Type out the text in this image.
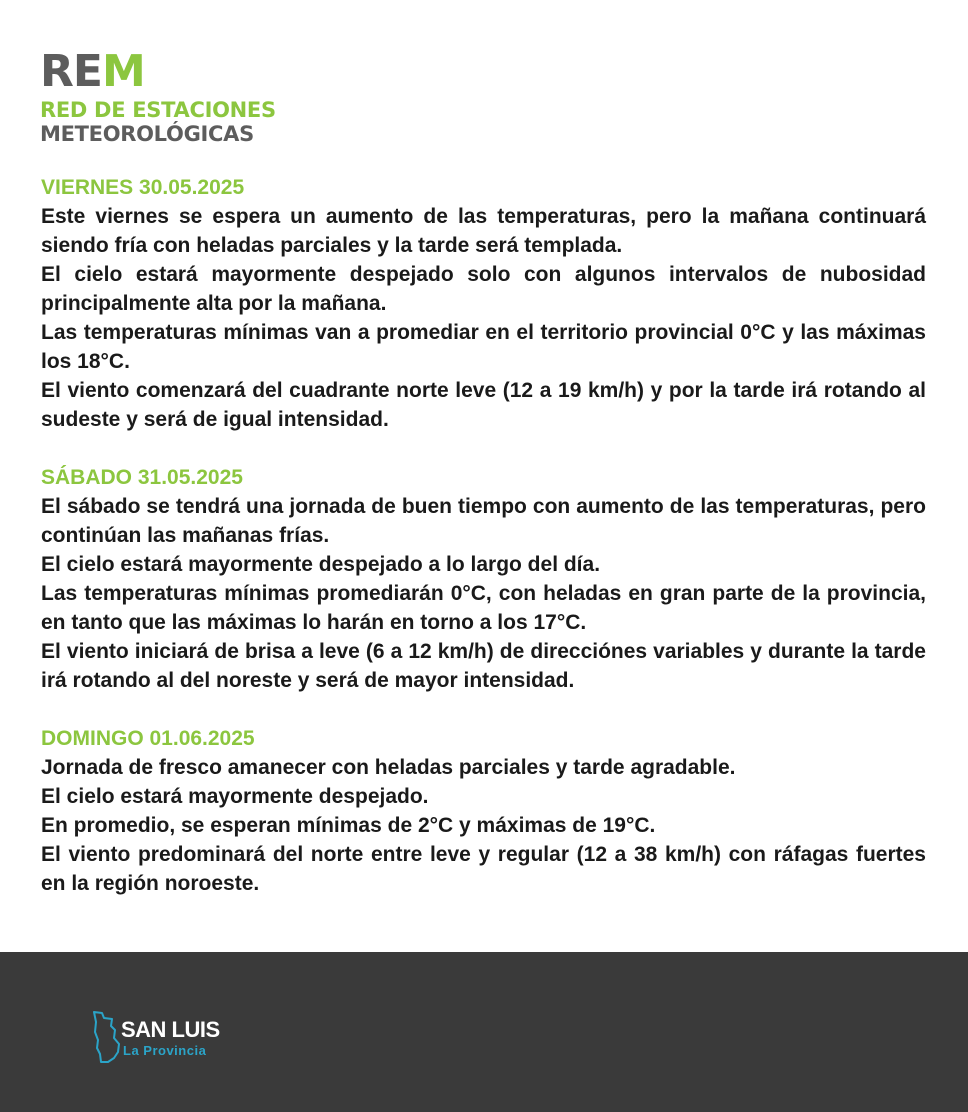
REM
RED DE ESTACIONES
METEOROLÓGICAS
VIERNES 30.05.2025

Este viernes se espera un aumento de las temperaturas, pero la mañana continuará siendo fría con heladas parciales y la tarde será templada.

El cielo estará mayormente despejado solo con algunos intervalos de nubosidad principalmente alta por la mañana.

Las temperaturas mínimas van a promediar en el territorio provincial 0°C y las máximas los 18°C.

El viento comenzará del cuadrante norte leve (12 a 19 km/h) y por la tarde irá rotando al sudeste y será de igual intensidad.

SÁBADO 31.05.2025

El sábado se tendrá una jornada de buen tiempo con aumento de las temperaturas, pero continúan las mañanas frías.

El cielo estará mayormente despejado a lo largo del día.

Las temperaturas mínimas promediarán 0°C, con heladas en gran parte de la provincia, en tanto que las máximas lo harán en torno a los 17°C.

El viento iniciará de brisa a leve (6 a 12 km/h) de direcciónes variables y durante la tarde irá rotando al del noreste y será de mayor intensidad.

DOMINGO 01.06.2025

Jornada de fresco amanecer con heladas parciales y tarde agradable.

El cielo estará mayormente despejado.

En promedio, se esperan mínimas de 2°C y máximas de 19°C.

El viento predominará del norte entre leve y regular (12 a 38 km/h) con ráfagas fuertes en la región noroeste.

SAN LUIS
La Provincia
